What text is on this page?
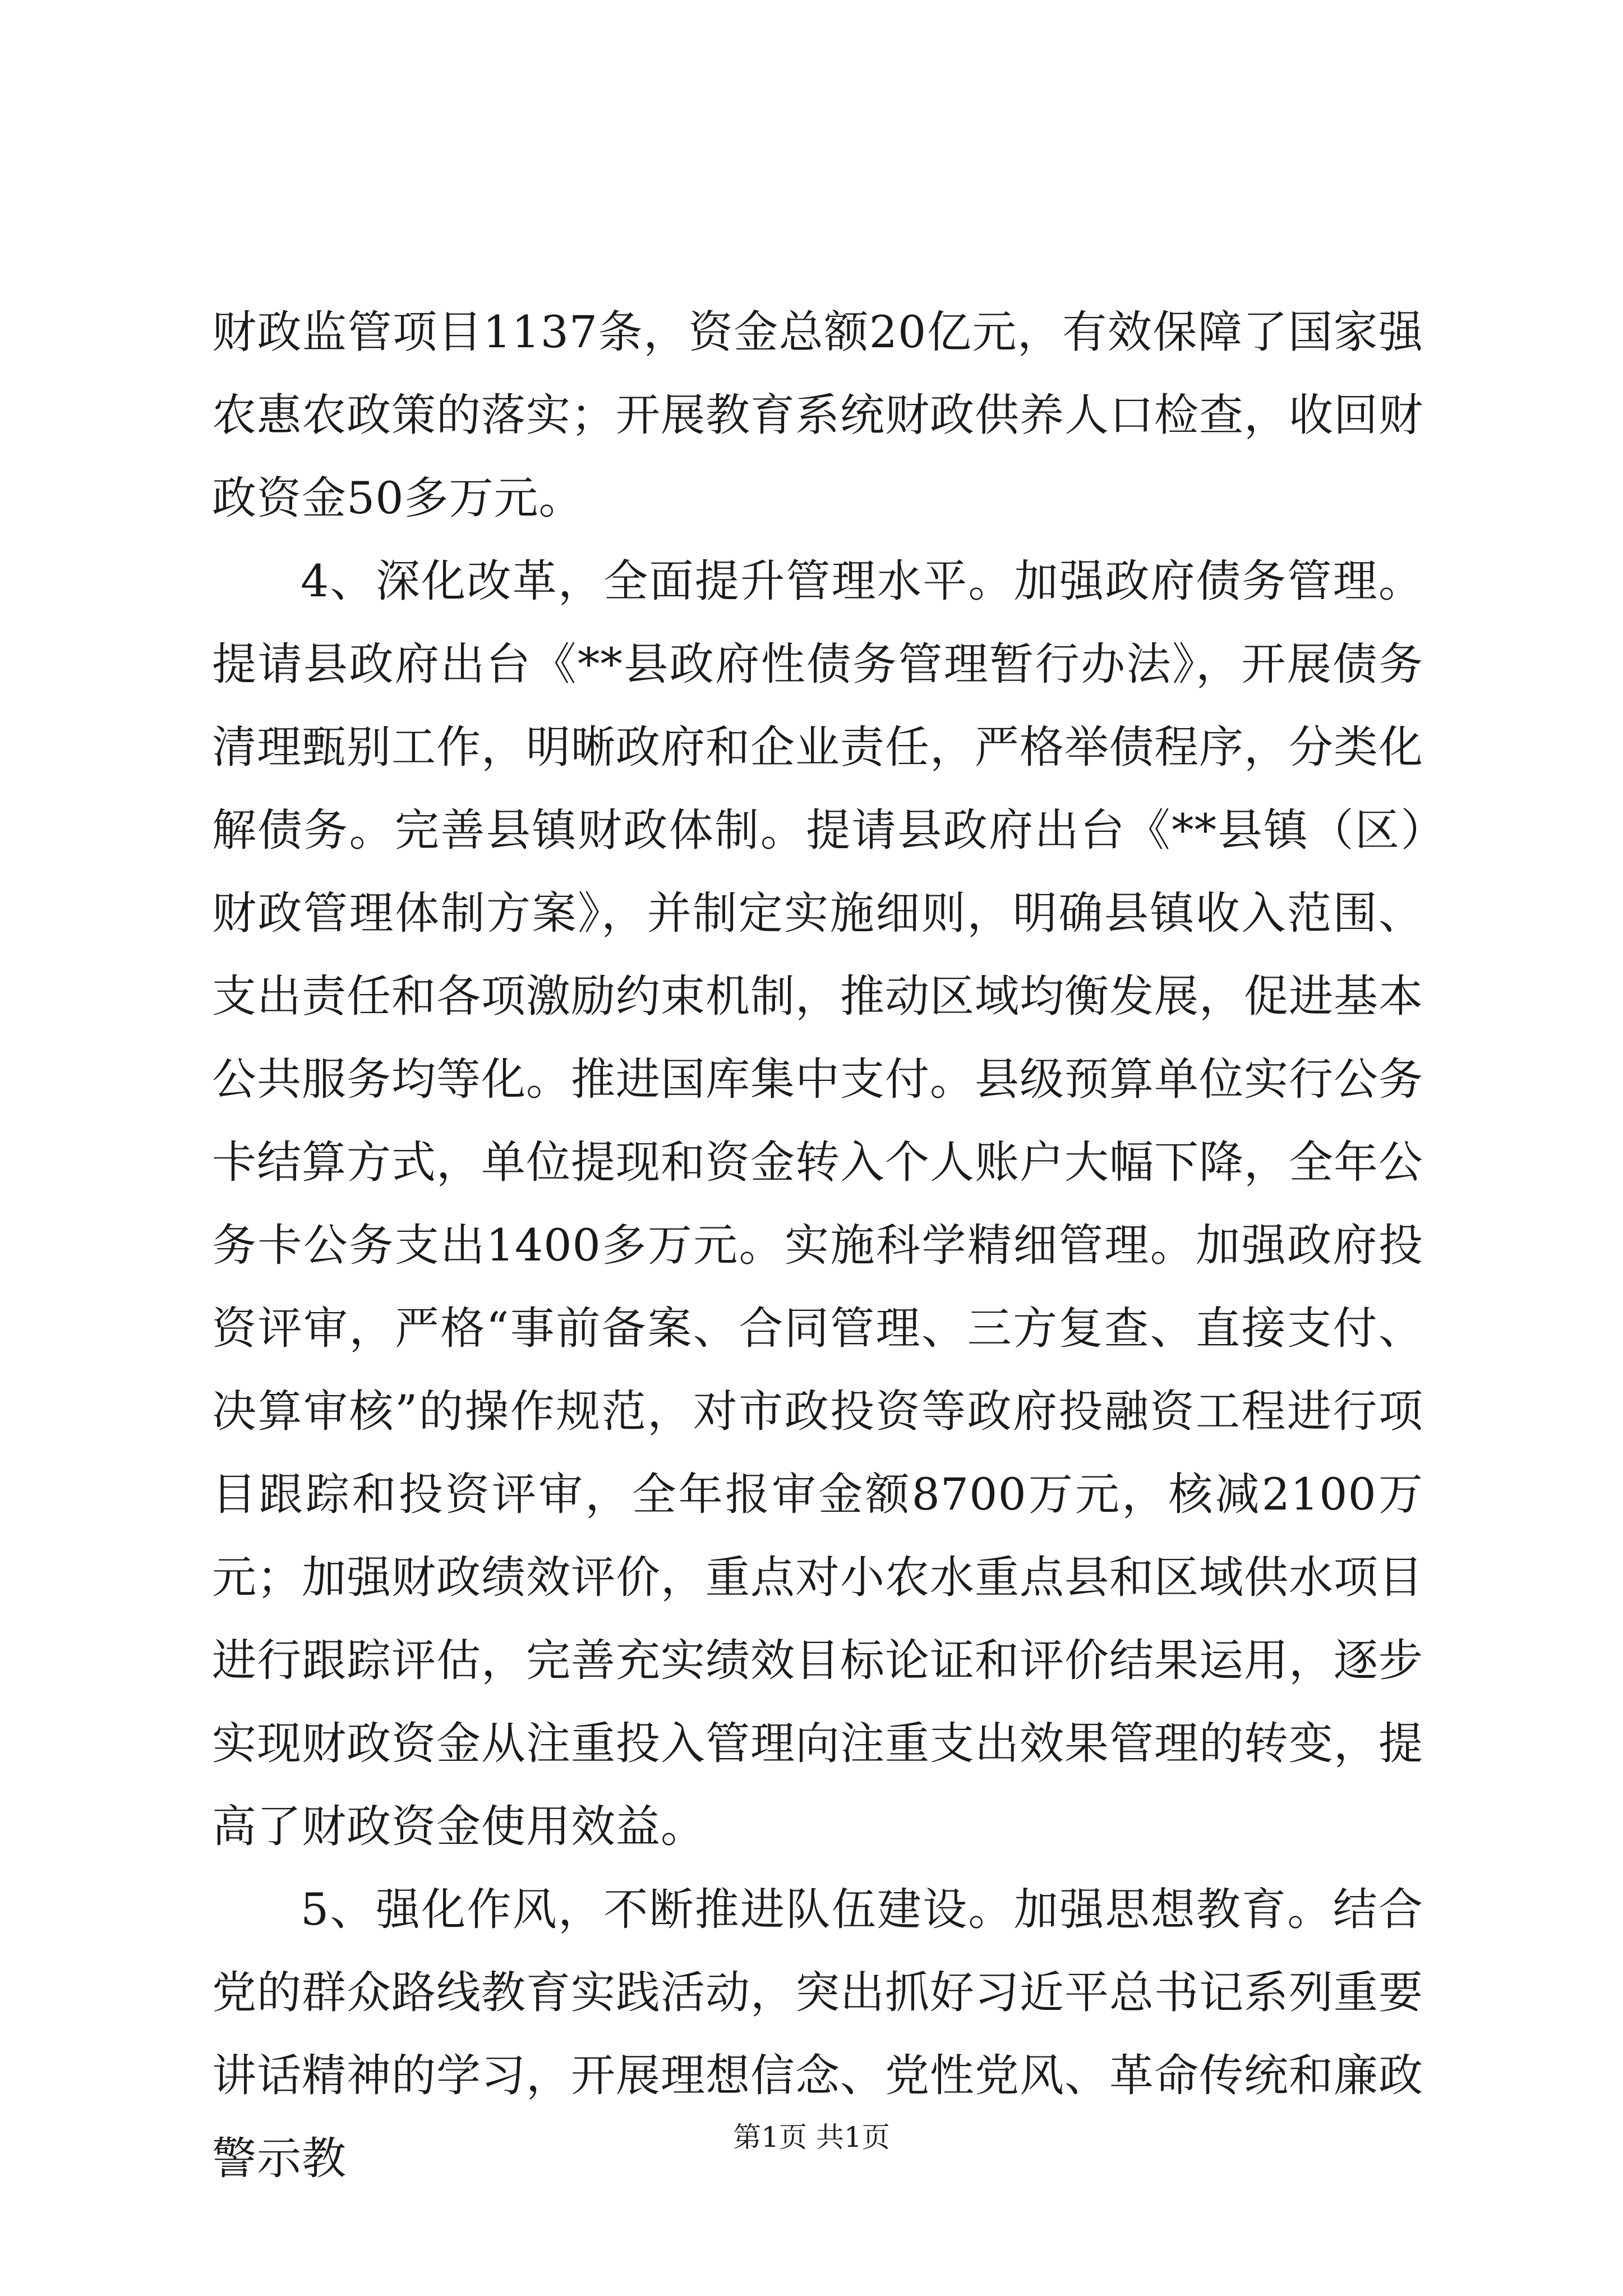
财政监管项目1137条，资金总额20亿元，有效保障了国家强农惠农政策的落实；开展教育系统财政供养人口检查，收回财政资金50多万元。

4、深化改革，全面提升管理水平。加强政府债务管理。提请县政府出台《**县政府性债务管理暂行办法》，开展债务清理甄别工作，明晰政府和企业责任，严格举债程序，分类化解债务。完善县镇财政体制。提请县政府出台《**县镇（区）财政管理体制方案》，并制定实施细则，明确县镇收入范围、支出责任和各项激励约束机制，推动区域均衡发展，促进基本公共服务均等化。推进国库集中支付。县级预算单位实行公务卡结算方式，单位提现和资金转入个人账户大幅下降，全年公务卡公务支出1400多万元。实施科学精细管理。加强政府投资评审，严格“事前备案、合同管理、三方复查、直接支付、决算审核”的操作规范，对市政投资等政府投融资工程进行项目跟踪和投资评审，全年报审金额8700万元，核减2100万元；加强财政绩效评价，重点对小农水重点县和区域供水项目进行跟踪评估，完善充实绩效目标论证和评价结果运用，逐步实现财政资金从注重投入管理向注重支出效果管理的转变，提高了财政资金使用效益。

5、强化作风，不断推进队伍建设。加强思想教育。结合党的群众路线教育实践活动，突出抓好习近平总书记系列重要讲话精神的学习，开展理想信念、党性党风、革命传统和廉政警示教	第1页 共1页
